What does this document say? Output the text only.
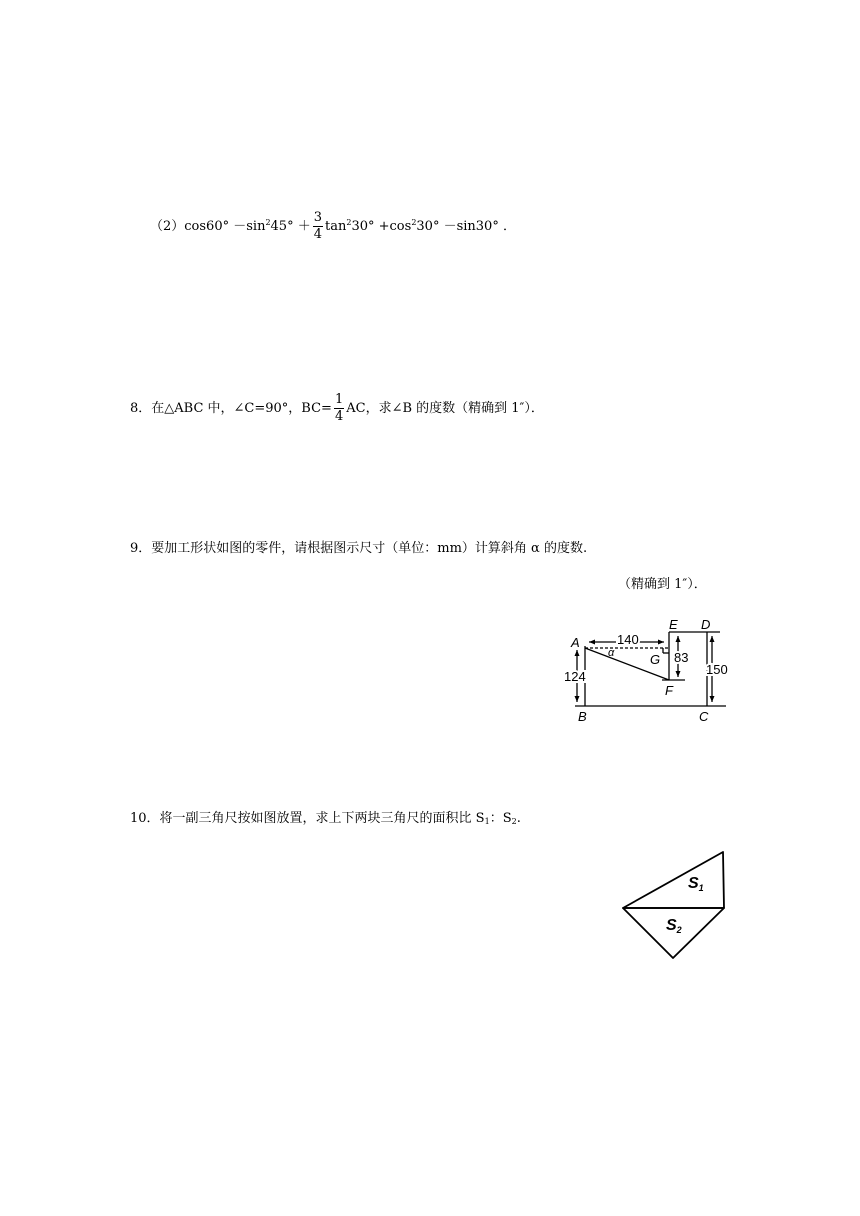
$(2)\cos 60^\circ -\sin^245^\circ + \frac{3}{4} \tan^230^\circ +\cos^230^\circ -\sin 30^\circ$ ．
8．在△ABC 中，∠C=90°，$BC= \frac{1}{4}$ AC，求∠B 的度数（精确到 1″）．
9．要加工形状如图的零件，请根据图示尺寸（单位：mm）计算斜角 α 的度数.
（精确到 1″）．
A
B	C
D
E
F
G
α
140
83
124	150
10．将一副三角尺按如图放置，求上下两块三角尺的面积比 $S_1$：$S_2$.
S1
S2
